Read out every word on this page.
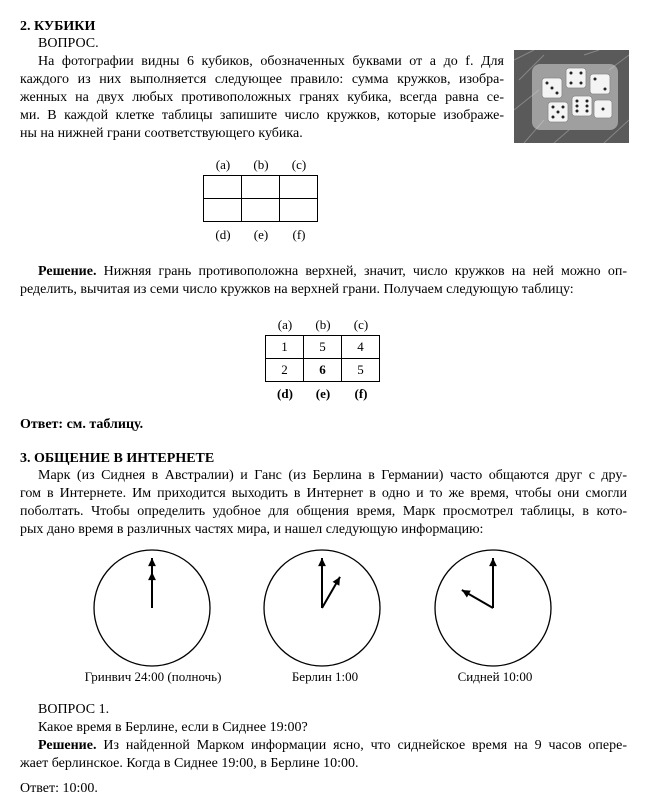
2. КУБИКИ
ВОПРОС.
На фотографии видны 6 кубиков, обозначенных буквами от a до f. Для
каждого из них выполняется следующее правило: сумма кружков, изобра-
женных на двух любых противоположных гранях кубика, всегда равна се-
ми. В каждой клетке таблицы запишите число кружков, которые изображе-
ны на нижней грани соответствующего кубика.
(a)	(b)	(c)

(d)	(e)	(f)
Решение. Нижняя грань противоположна верхней, значит, число кружков на ней можно оп-
ределить, вычитая из семи число кружков на верхней грани. Получаем следующую таблицу:
(a)	(b)	(c)
1	5	4
2	6	5
(d)	(e)	(f)
Ответ: см. таблицу.
3. ОБЩЕНИЕ В ИНТЕРНЕТЕ
Марк (из Сиднея в Австралии) и Ганс (из Берлина в Германии) часто общаются друг с дру-
гом в Интернете. Им приходится выходить в Интернет в одно и то же время, чтобы они смогли
поболтать. Чтобы определить удобное для общения время, Марк просмотрел таблицы, в кото-
рых дано время в различных частях мира, и нашел следующую информацию:
Гринвич 24:00 (полночь)	Берлин 1:00	Сидней 10:00
ВОПРОС 1.
Какое время в Берлине, если в Сиднее 19:00?
Решение. Из найденной Марком информации ясно, что сиднейское время на 9 часов опере-
жает берлинское. Когда в Сиднее 19:00, в Берлине 10:00.
Ответ: 10:00.
